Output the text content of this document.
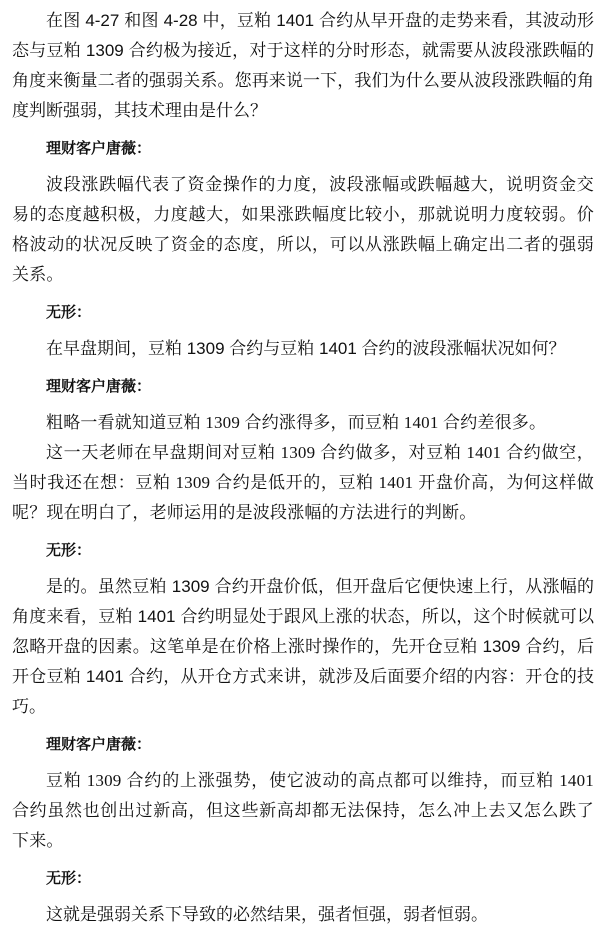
在图 4-27 和图 4-28 中，豆粕 1401 合约从早开盘的走势来看，其波动形态与豆粕 1309 合约极为接近，对于这样的分时形态，就需要从波段涨跌幅的角度来衡量二者的强弱关系。您再来说一下，我们为什么要从波段涨跌幅的角度判断强弱，其技术理由是什么？

理财客户唐薇：

波段涨跌幅代表了资金操作的力度，波段涨幅或跌幅越大，说明资金交易的态度越积极，力度越大，如果涨跌幅度比较小，那就说明力度较弱。价格波动的状况反映了资金的态度，所以，可以从涨跌幅上确定出二者的强弱关系。

无形：

在早盘期间，豆粕 1309 合约与豆粕 1401 合约的波段涨幅状况如何？

理财客户唐薇：

粗略一看就知道豆粕 1309 合约涨得多，而豆粕 1401 合约差很多。

这一天老师在早盘期间对豆粕 1309 合约做多，对豆粕 1401 合约做空，当时我还在想：豆粕 1309 合约是低开的，豆粕 1401 开盘价高，为何这样做呢？现在明白了，老师运用的是波段涨幅的方法进行的判断。

无形：

是的。虽然豆粕 1309 合约开盘价低，但开盘后它便快速上行，从涨幅的角度来看，豆粕 1401 合约明显处于跟风上涨的状态，所以，这个时候就可以忽略开盘的因素。这笔单是在价格上涨时操作的，先开仓豆粕 1309 合约，后开仓豆粕 1401 合约，从开仓方式来讲，就涉及后面要介绍的内容：开仓的技巧。

理财客户唐薇：

豆粕 1309 合约的上涨强势，使它波动的高点都可以维持，而豆粕 1401 合约虽然也创出过新高，但这些新高却都无法保持，怎么冲上去又怎么跌了下来。

无形：

这就是强弱关系下导致的必然结果，强者恒强，弱者恒弱。
